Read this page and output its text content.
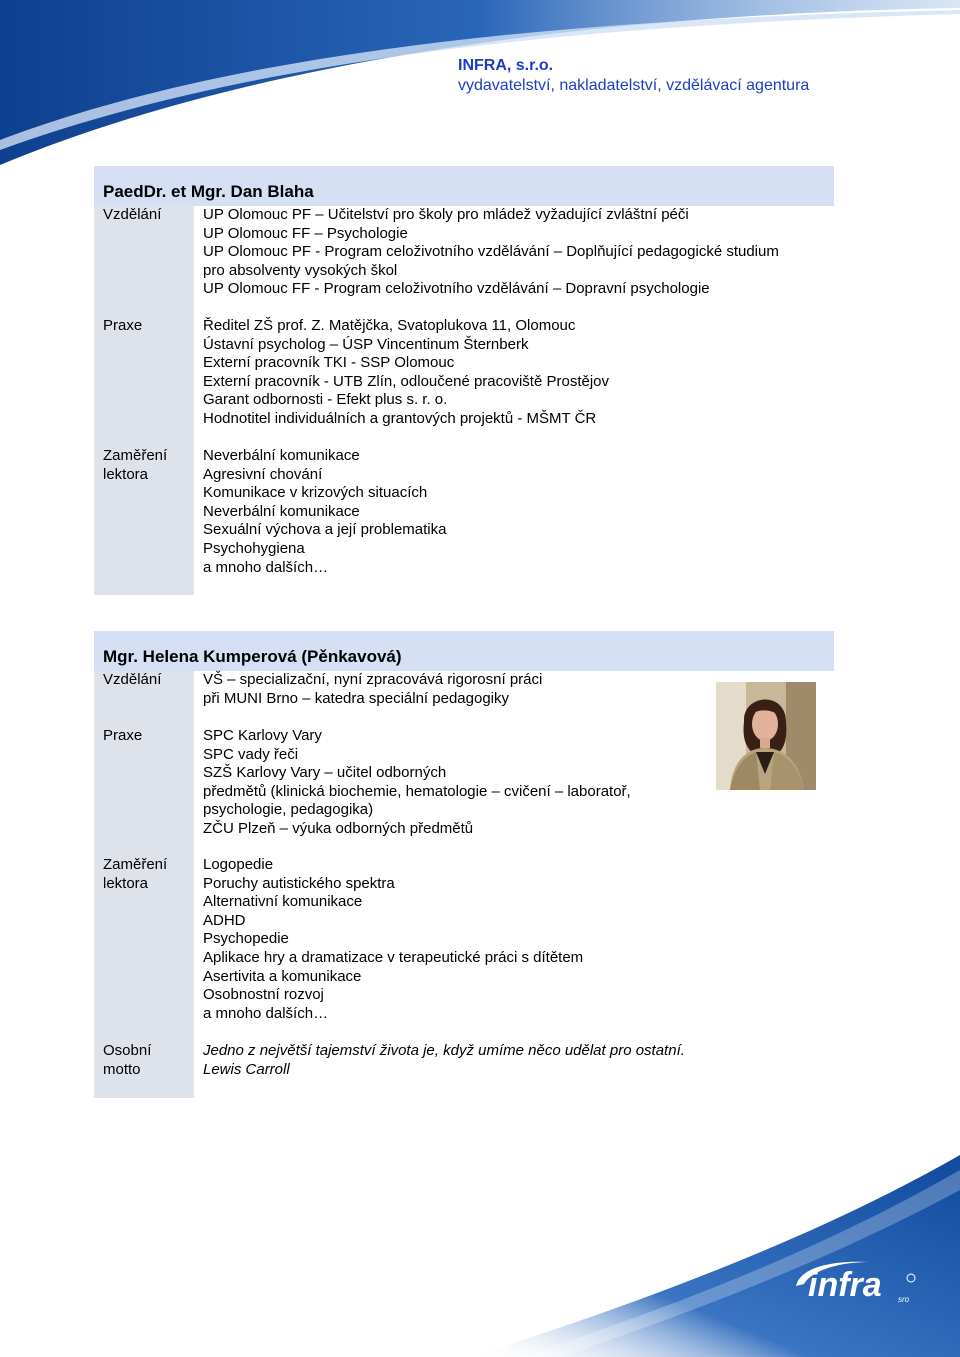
INFRA, s.r.o.
vydavatelství, nakladatelství, vzdělávací agentura
PaedDr. et Mgr. Dan Blaha
Vzdělání
Praxe
Zaměření
lektora
UP Olomouc PF – Učitelství pro školy pro mládež vyžadující zvláštní péči
UP Olomouc FF – Psychologie
UP Olomouc PF - Program celoživotního vzdělávání – Doplňující pedagogické studium
pro absolventy vysokých škol
UP Olomouc FF - Program celoživotního vzdělávání – Dopravní psychologie
Ředitel ZŠ prof. Z. Matějčka, Svatoplukova 11, Olomouc
Ústavní psycholog – ÚSP Vincentinum Šternberk
Externí pracovník TKI - SSP Olomouc
Externí pracovník - UTB Zlín, odloučené pracoviště Prostějov
Garant odbornosti - Efekt plus s. r. o.
Hodnotitel individuálních a grantových projektů - MŠMT ČR
Neverbální komunikace
Agresivní chování
Komunikace v krizových situacích
Neverbální komunikace
Sexuální výchova a její problematika
Psychohygiena
a mnoho dalších…
Mgr. Helena Kumperová (Pěnkavová)
Vzdělání
Praxe
Zaměření
lektora
Osobní
motto
VŠ – specializační, nyní zpracovává rigorosní práci
při MUNI Brno – katedra speciální pedagogiky
SPC Karlovy Vary
SPC vady řeči
SZŠ Karlovy Vary – učitel odborných
předmětů (klinická biochemie, hematologie – cvičení – laboratoř,
psychologie, pedagogika)
ZČU Plzeň – výuka odborných předmětů
Logopedie
Poruchy autistického spektra
Alternativní komunikace
ADHD
Psychopedie
Aplikace hry a dramatizace v terapeutické práci s dítětem
Asertivita a komunikace
Osobnostní rozvoj
a mnoho dalších…
Jedno z největší tajemství života je, když umíme něco udělat pro ostatní.
Lewis Carroll
infra sro
